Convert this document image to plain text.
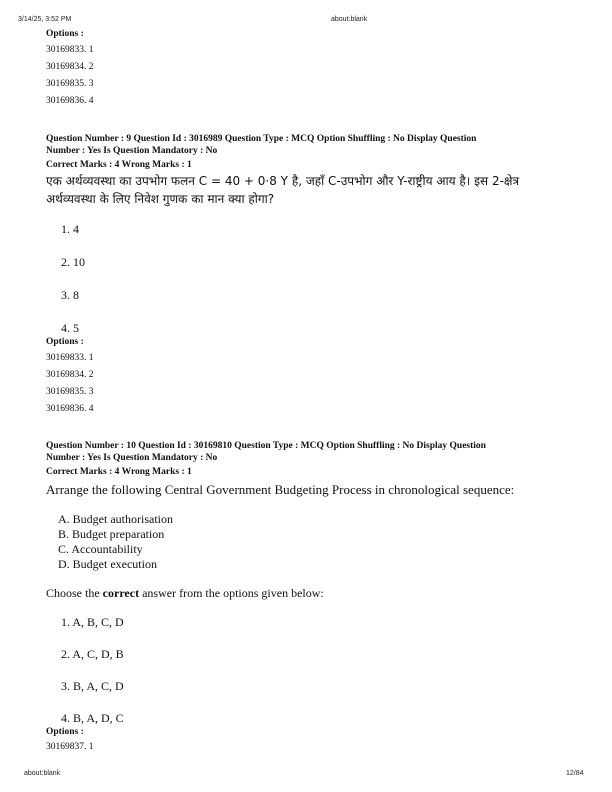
3/14/25, 3:52 PM	about:blank
Options :
30169833. 1
30169834. 2
30169835. 3
30169836. 4
Question Number : 9 Question Id : 3016989 Question Type : MCQ Option Shuffling : No Display Question
Number : Yes Is Question Mandatory : No
Correct Marks : 4 Wrong Marks : 1
एक अर्थव्यवस्था का उपभोग फलन C = 40 + 0·8 Y है, जहाँ C-उपभोग और Y-राष्ट्रीय आय है। इस 2-क्षेत्र
अर्थव्यवस्था के लिए निवेश गुणक का मान क्या होगा?
1. 4
2. 10
3. 8
4. 5
Options :
30169833. 1
30169834. 2
30169835. 3
30169836. 4
Question Number : 10 Question Id : 30169810 Question Type : MCQ Option Shuffling : No Display Question
Number : Yes Is Question Mandatory : No
Correct Marks : 4 Wrong Marks : 1
Arrange the following Central Government Budgeting Process in chronological sequence:
A. Budget authorisation
B. Budget preparation
C. Accountability
D. Budget execution
Choose the correct answer from the options given below:
1. A, B, C, D
2. A, C, D, B
3. B, A, C, D
4. B, A, D, C
Options :
30169837. 1
about:blank	12/84
